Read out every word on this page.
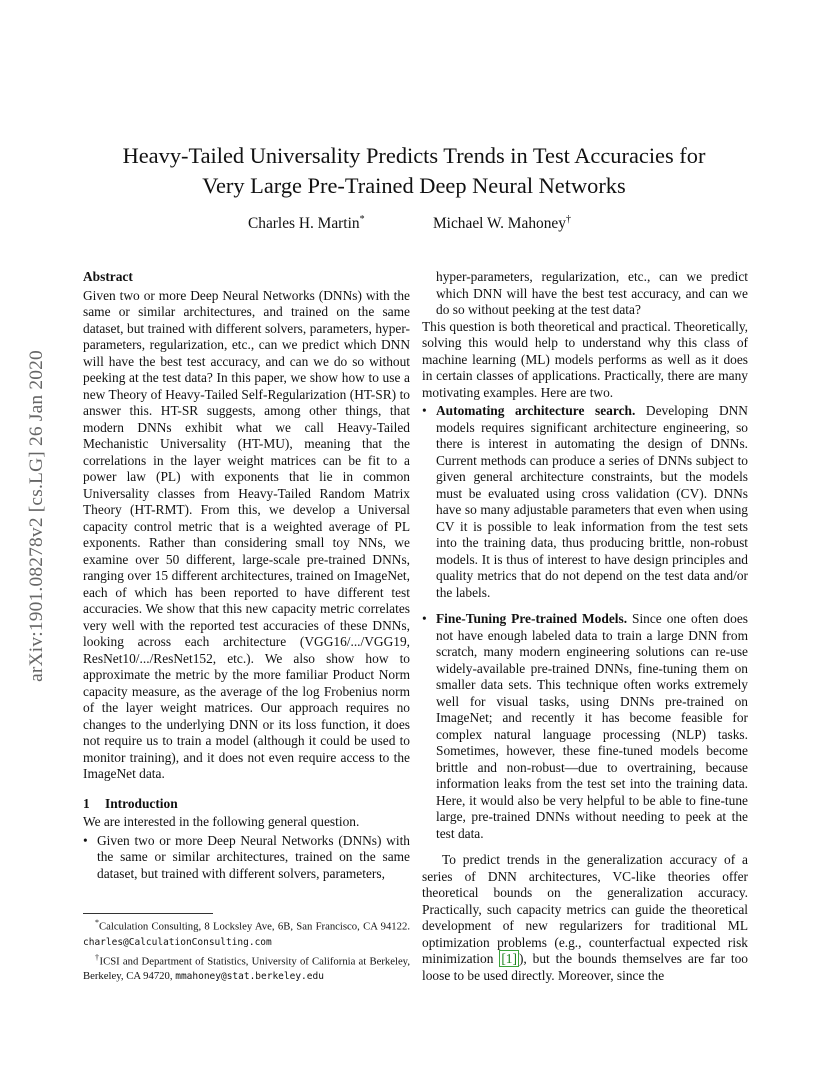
arXiv:1901.08278v2 [cs.LG] 26 Jan 2020
Heavy-Tailed Universality Predicts Trends in Test Accuracies for
Very Large Pre-Trained Deep Neural Networks
Charles H. Martin*	Michael W. Mahoney†
Abstract

Given two or more Deep Neural Networks (DNNs) with the same or similar architectures, and trained on the same dataset, but trained with different solvers, parameters, hyper-parameters, regularization, etc., can we predict which DNN will have the best test accuracy, and can we do so without peeking at the test data? In this paper, we show how to use a new Theory of Heavy-Tailed Self-Regularization (HT-SR) to answer this. HT-SR suggests, among other things, that modern DNNs exhibit what we call Heavy-Tailed Mechanistic Universality (HT-MU), meaning that the correlations in the layer weight matrices can be fit to a power law (PL) with exponents that lie in common Universality classes from Heavy-Tailed Random Matrix Theory (HT-RMT). From this, we develop a Universal capacity control metric that is a weighted average of PL exponents. Rather than considering small toy NNs, we examine over 50 different, large-scale pre-trained DNNs, ranging over 15 different architectures, trained on ImageNet, each of which has been reported to have different test accuracies. We show that this new capacity metric correlates very well with the reported test accuracies of these DNNs, looking across each architecture (VGG16/.../VGG19, ResNet10/.../ResNet152, etc.). We also show how to approximate the metric by the more familiar Product Norm capacity measure, as the average of the log Frobenius norm of the layer weight matrices. Our approach requires no changes to the underlying DNN or its loss function, it does not require us to train a model (although it could be used to monitor training), and it does not even require access to the ImageNet data.

1 Introduction

We are interested in the following general question.

• Given two or more Deep Neural Networks (DNNs) with the same or similar architectures, trained on the same dataset, but trained with different solvers, parameters,
hyper-parameters, regularization, etc., can we predict which DNN will have the best test accuracy, and can we do so without peeking at the test data?

This question is both theoretical and practical. Theoretically, solving this would help to understand why this class of machine learning (ML) models performs as well as it does in certain classes of applications. Practically, there are many motivating examples. Here are two.

• Automating architecture search. Developing DNN models requires significant architecture engineering, so there is interest in automating the design of DNNs. Current methods can produce a series of DNNs subject to given general architecture constraints, but the models must be evaluated using cross validation (CV). DNNs have so many adjustable parameters that even when using CV it is possible to leak information from the test sets into the training data, thus producing brittle, non-robust models. It is thus of interest to have design principles and quality metrics that do not depend on the test data and/or the labels.
• Fine-Tuning Pre-trained Models. Since one often does not have enough labeled data to train a large DNN from scratch, many modern engineering solutions can re-use widely-available pre-trained DNNs, fine-tuning them on smaller data sets. This technique often works extremely well for visual tasks, using DNNs pre-trained on ImageNet; and recently it has become feasible for complex natural language processing (NLP) tasks. Sometimes, however, these fine-tuned models become brittle and non-robust—due to overtraining, because information leaks from the test set into the training data. Here, it would also be very helpful to be able to fine-tune large, pre-trained DNNs without needing to peek at the test data.

To predict trends in the generalization accuracy of a series of DNN architectures, VC-like theories offer theoretical bounds on the generalization accuracy. Practically, such capacity metrics can guide the theoretical development of new regularizers for traditional ML optimization problems (e.g., counterfactual expected risk minimization [1] ), but the bounds themselves are far too loose to be used directly. Moreover, since the

*Calculation Consulting, 8 Locksley Ave, 6B, San Francisco, CA 94122. charles@CalculationConsulting.com
†ICSI and Department of Statistics, University of California at Berkeley, Berkeley, CA 94720, mmahoney@stat.berkeley.edu
